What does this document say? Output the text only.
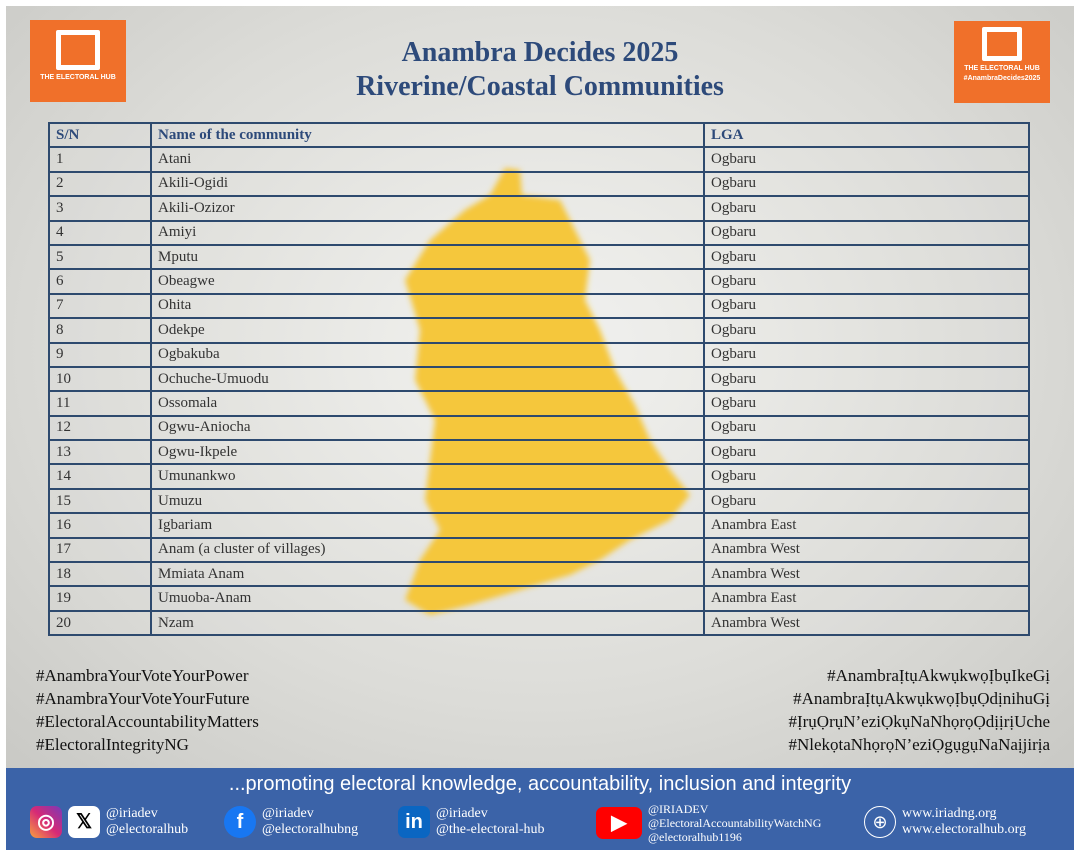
THE ELECTORAL HUB
THE ELECTORAL HUB
#AnambraDecides2025
Anambra Decides 2025
Riverine/Coastal Communities
S/N	Name of the community	LGA
1	Atani	Ogbaru
2	Akili-Ogidi	Ogbaru
3	Akili-Ozizor	Ogbaru
4	Amiyi	Ogbaru
5	Mputu	Ogbaru
6	Obeagwe	Ogbaru
7	Ohita	Ogbaru
8	Odekpe	Ogbaru
9	Ogbakuba	Ogbaru
10	Ochuche-Umuodu	Ogbaru
11	Ossomala	Ogbaru
12	Ogwu-Aniocha	Ogbaru
13	Ogwu-Ikpele	Ogbaru
14	Umunankwo	Ogbaru
15	Umuzu	Ogbaru
16	Igbariam	Anambra East
17	Anam (a cluster of villages)	Anambra West
18	Mmiata Anam	Anambra West
19	Umuoba-Anam	Anambra East
20	Nzam	Anambra West
#AnambraYourVoteYourPower
#AnambraYourVoteYourFuture
#ElectoralAccountabilityMatters
#ElectoralIntegrityNG
#AnambraỊtụAkwụkwọỊbụIkeGị
#AnambraỊtụAkwụkwọỊbụỌdịnihuGị
#ỊrụỌrụN’eziỌkụNaNhọrọỌdịịrịUche
#NlekọtaNhọrọN’eziỌgụgụNaNaịjirịa
...promoting electoral knowledge, accountability, inclusion and integrity
◎	𝕏 @iriadev
@electoralhub	f	@iriadev
@electoralhubng	in @iriadev
@the-electoral-hub	▶
@IRIADEV
@ElectoralAccountabilityWatchNG
@electoralhub1196
⊕	www.iriadng.org
www.electoralhub.org
